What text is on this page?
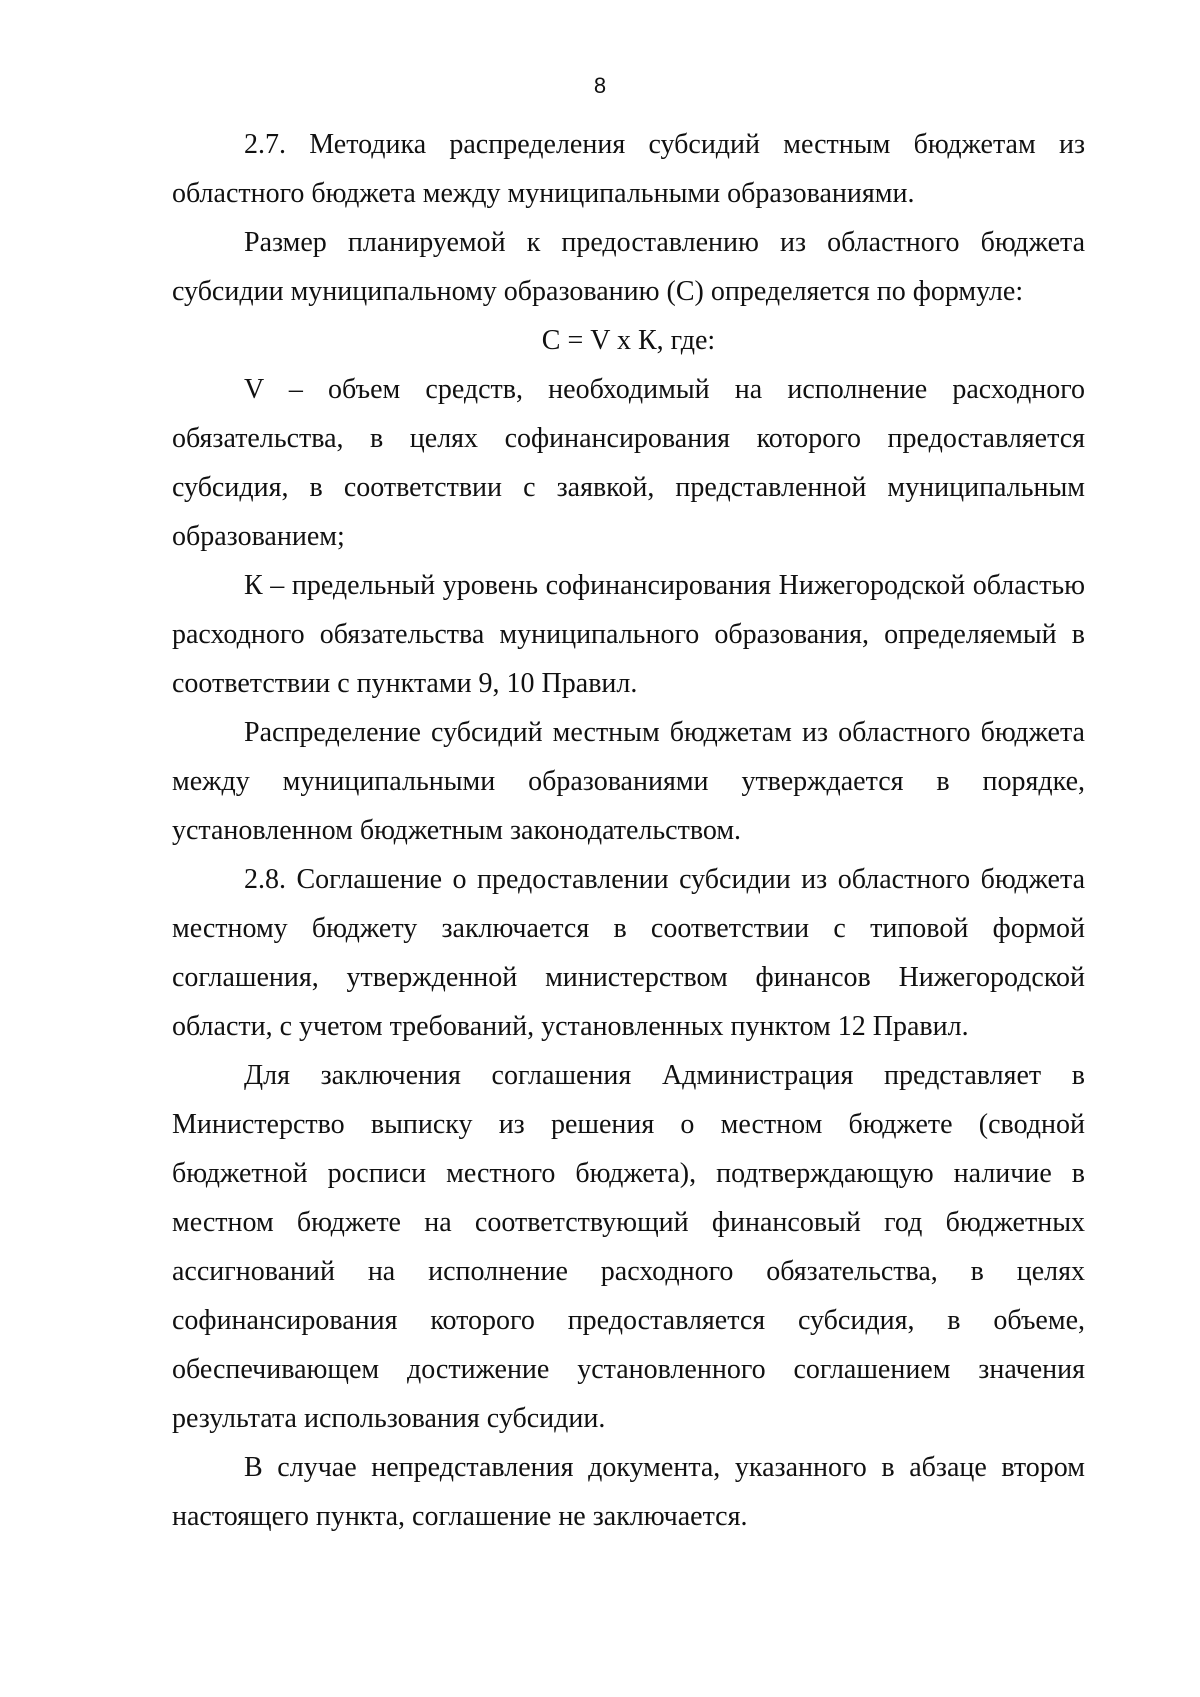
8

2.7. Методика распределения субсидий местным бюджетам из областного бюджета между муниципальными образованиями.

Размер планируемой к предоставлению из областного бюджета субсидии муниципальному образованию (С) определяется по формуле:

С = V х К, где:

V – объем средств, необходимый на исполнение расходного обязательства, в целях софинансирования которого предоставляется субсидия, в соответствии с заявкой, представленной муниципальным образованием;

К – предельный уровень софинансирования Нижегородской областью расходного обязательства муниципального образования, определяемый в соответствии с пунктами 9, 10 Правил.

Распределение субсидий местным бюджетам из областного бюджета между муниципальными образованиями утверждается в порядке, установленном бюджетным законодательством.

2.8. Соглашение о предоставлении субсидии из областного бюджета местному бюджету заключается в соответствии с типовой формой соглашения, утвержденной министерством финансов Нижегородской области, с учетом требований, установленных пунктом 12 Правил.

Для заключения соглашения Администрация представляет в Министерство выписку из решения о местном бюджете (сводной бюджетной росписи местного бюджета), подтверждающую наличие в местном бюджете на соответствующий финансовый год бюджетных ассигнований на исполнение расходного обязательства, в целях софинансирования которого предоставляется субсидия, в объеме, обеспечивающем достижение установленного соглашением значения результата использования субсидии.

В случае непредставления документа, указанного в абзаце втором настоящего пункта, соглашение не заключается.
